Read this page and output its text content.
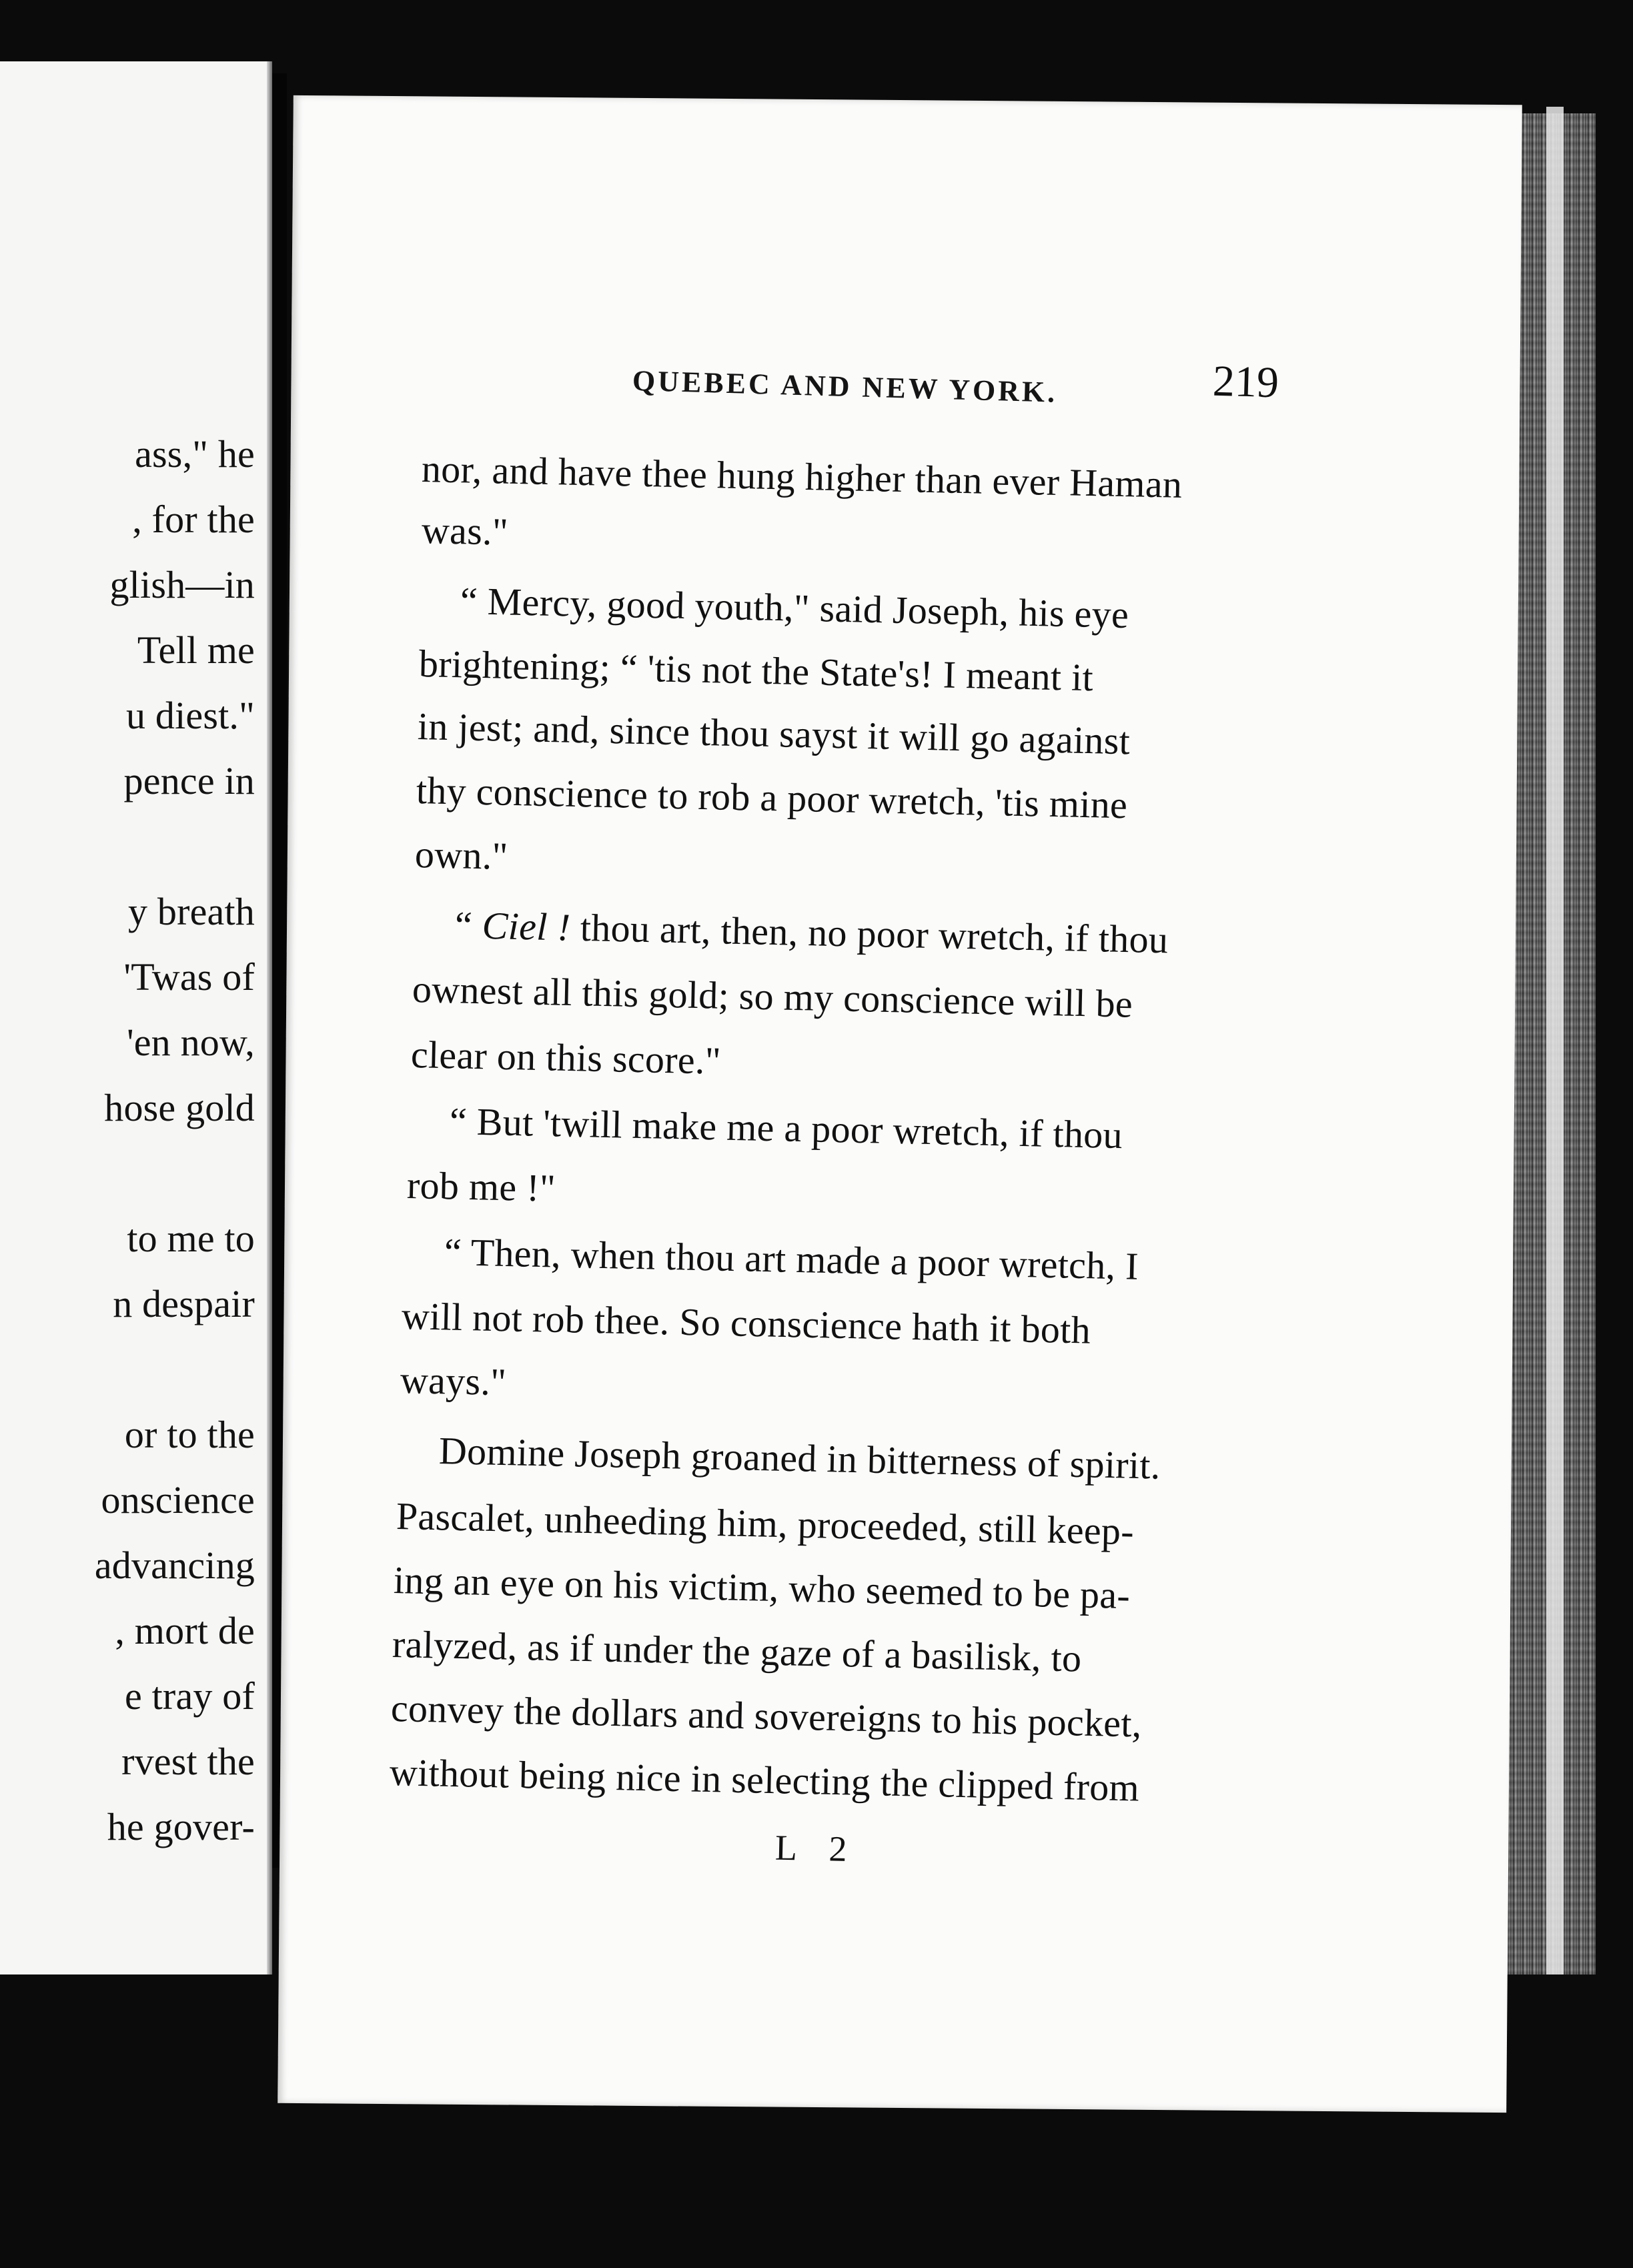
ass," he
, for the
glish—in
Tell me
u diest."
pence in
y breath
'Twas of
'en now,
hose gold
to me to
n despair
or to the
onscience
advancing
, mort de
e tray of
rvest the
he gover-
QUEBEC AND NEW YORK.	219
nor, and have thee hung higher than ever Haman
was."
“ Mercy, good youth," said Joseph, his eye
brightening; “ 'tis not the State's! I meant it
in jest; and, since thou sayst it will go against
thy conscience to rob a poor wretch, 'tis mine
own."
“ Ciel ! thou art, then, no poor wretch, if thou
ownest all this gold; so my conscience will be
clear on this score."
“ But 'twill make me a poor wretch, if thou
rob me !"
“ Then, when thou art made a poor wretch, I
will not rob thee. So conscience hath it both
ways."
Domine Joseph groaned in bitterness of spirit.
Pascalet, unheeding him, proceeded, still keep-
ing an eye on his victim, who seemed to be pa-
ralyzed, as if under the gaze of a basilisk, to
convey the dollars and sovereigns to his pocket,
without being nice in selecting the clipped from
L 2
